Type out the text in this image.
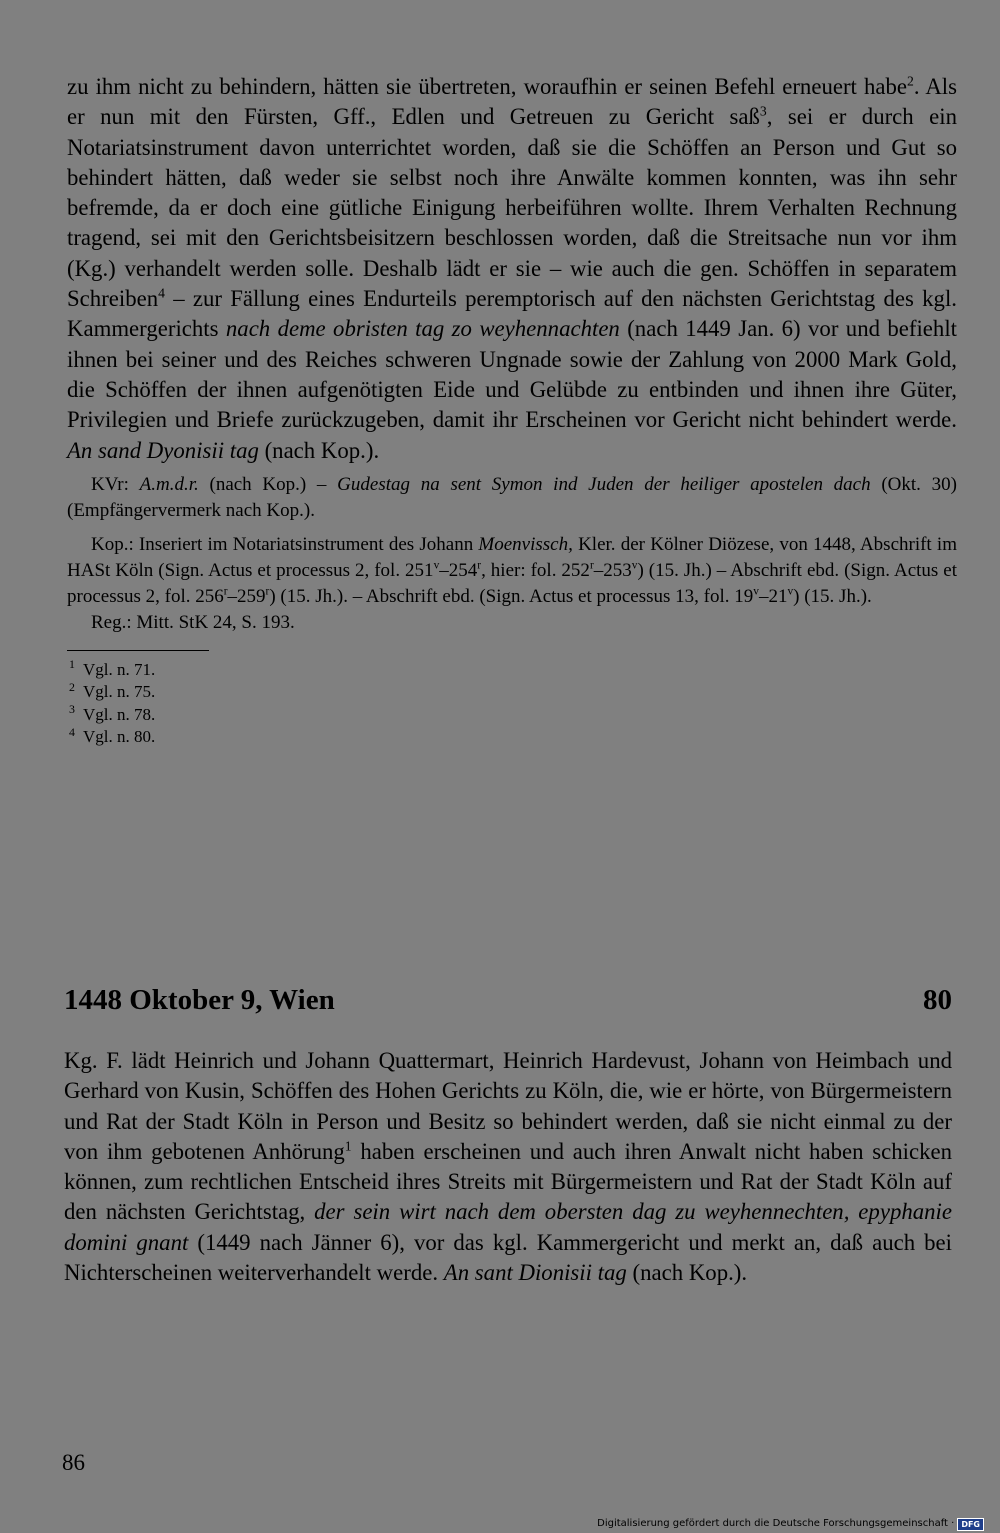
zu ihm nicht zu behindern, hätten sie übertreten, woraufhin er seinen Befehl erneuert habe$^2$. Als er nun mit den Fürsten, Gff., Edlen und Getreuen zu Gericht saß$^3$, sei er durch ein Notariatsinstrument davon unterrichtet worden, daß sie die Schöffen an Person und Gut so behindert hätten, daß weder sie selbst noch ihre Anwälte kommen konnten, was ihn sehr befremde, da er doch eine gütliche Einigung herbeiführen wollte. Ihrem Verhalten Rechnung tragend, sei mit den Gerichtsbeisitzern beschlossen worden, daß die Streitsache nun vor ihm (Kg.) verhandelt werden solle. Deshalb lädt er sie – wie auch die gen. Schöffen in separatem Schreiben$^4$ – zur Fällung eines Endurteils peremptorisch auf den nächsten Gerichtstag des kgl. Kammergerichts nach deme obristen tag zo weyhennachten (nach 1449 Jan. 6) vor und befiehlt ihnen bei seiner und des Reiches schweren Ungnade sowie der Zahlung von 2000 Mark Gold, die Schöffen der ihnen aufgenötigten Eide und Gelübde zu entbinden und ihnen ihre Güter, Privilegien und Briefe zurückzugeben, damit ihr Erscheinen vor Gericht nicht behindert werde. An sand Dyonisii tag (nach Kop.).

KVr: A.m.d.r. (nach Kop.) – Gudestag na sent Symon ind Juden der heiliger apostelen dach (Okt. 30) (Empfängervermerk nach Kop.).

Kop.: Inseriert im Notariatsinstrument des Johann Moenvissch, Kler. der Kölner Diözese, von 1448, Abschrift im HASt Köln (Sign. Actus et processus 2, fol. 251$^v$–254$^r$, hier: fol. 252$^r$–253$^v$) (15. Jh.) – Abschrift ebd. (Sign. Actus et processus 2, fol. 256$^r$–259$^r$) (15. Jh.). – Abschrift ebd. (Sign. Actus et processus 13, fol. 19$^v$–21$^v$) (15. Jh.).

Reg.: Mitt. StK 24, S. 193.

$^1$ Vgl. n. 71.
$^2$ Vgl. n. 75.
$^3$ Vgl. n. 78.
$^4$ Vgl. n. 80.
1448 Oktober 9, Wien	80

Kg. F. lädt Heinrich und Johann Quattermart, Heinrich Hardevust, Johann von Heimbach und Gerhard von Kusin, Schöffen des Hohen Gerichts zu Köln, die, wie er hörte, von Bürgermeistern und Rat der Stadt Köln in Person und Besitz so behindert werden, daß sie nicht einmal zu der von ihm gebotenen Anhörung$^1$ haben erscheinen und auch ihren Anwalt nicht haben schicken können, zum rechtlichen Entscheid ihres Streits mit Bürgermeistern und Rat der Stadt Köln auf den nächsten Gerichtstag, der sein wirt nach dem obersten dag zu weyhennechten, epyphanie domini gnant (1449 nach Jänner 6), vor das kgl. Kammergericht und merkt an, daß auch bei Nichterscheinen weiterverhandelt werde. An sant Dionisii tag (nach Kop.).

86
Digitalisierung gefördert durch die Deutsche Forschungsgemeinschaft · DFG
